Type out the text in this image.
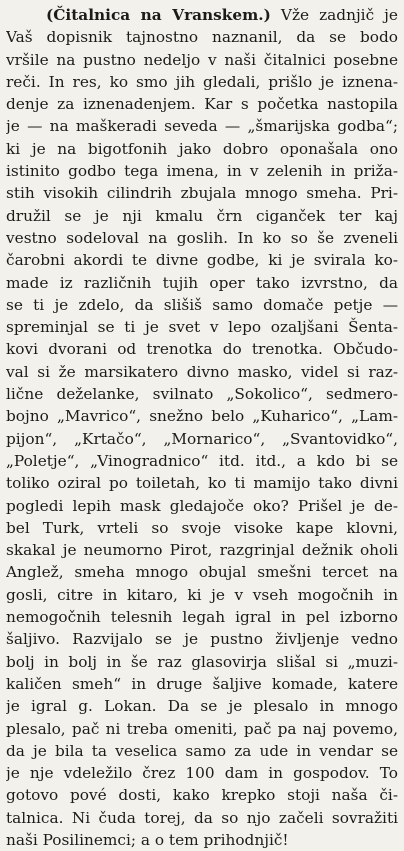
(Čitalnica na Vranskem.) Vže zadnjič je
Vaš dopisnik tajnostno naznanil, da se bodo
vršile na pustno nedeljo v naši čitalnici posebne
reči. In res, ko smo jih gledali, prišlo je iznena-
denje za iznenadenjem. Kar s početka nastopila
je — na maškeradi seveda — „šmarijska godba“;
ki je na bigotfonih jako dobro oponašala ono
istinito godbo tega imena, in v zelenih in priža-
stih visokih cilindrih zbujala mnogo smeha. Pri-
družil se je nji kmalu črn ciganček ter kaj
vestno sodeloval na goslih. In ko so še zveneli
čarobni akordi te divne godbe, ki je svirala ko-
made iz različnih tujih oper tako izvrstno, da
se ti je zdelo, da slišiš samo domače petje —
spreminjal se ti je svet v lepo ozaljšani Šenta-
kovi dvorani od trenotka do trenotka. Občudo-
val si že marsikatero divno masko, videl si raz-
lične deželanke, svilnato „Sokolico“, sedmero-
bojno „Mavrico“, snežno belo „Kuharico“, „Lam-
pijon“, „Krtačo“, „Mornarico“, „Svantovidko“,
„Poletje“, „Vinogradnico“ itd. itd., a kdo bi se
toliko oziral po toiletah, ko ti mamijo tako divni
pogledi lepih mask gledajoče oko? Prišel je de-
bel Turk, vrteli so svoje visoke kape klovni,
skakal je neumorno Pirot, razgrinjal dežnik oholi
Anglež, smeha mnogo obujal smešni tercet na
gosli, citre in kitaro, ki je v vseh mogočnih in
nemogočnih telesnih legah igral in pel izborno
šaljivo. Razvijalo se je pustno življenje vedno
bolj in bolj in še raz glasovirja slišal si „muzi-
kaličen smeh“ in druge šaljive komade, katere
je igral g. Lokan. Da se je plesalo in mnogo
plesalo, pač ni treba omeniti, pač pa naj povemo,
da je bila ta veselica samo za ude in vendar se
je nje vdeležilo črez 100 dam in gospodov. To
gotovo pové dosti, kako krepko stoji naša či-
talnica. Ni čuda torej, da so njo začeli sovražiti
naši Posilinemci; a o tem prihodnjič!
